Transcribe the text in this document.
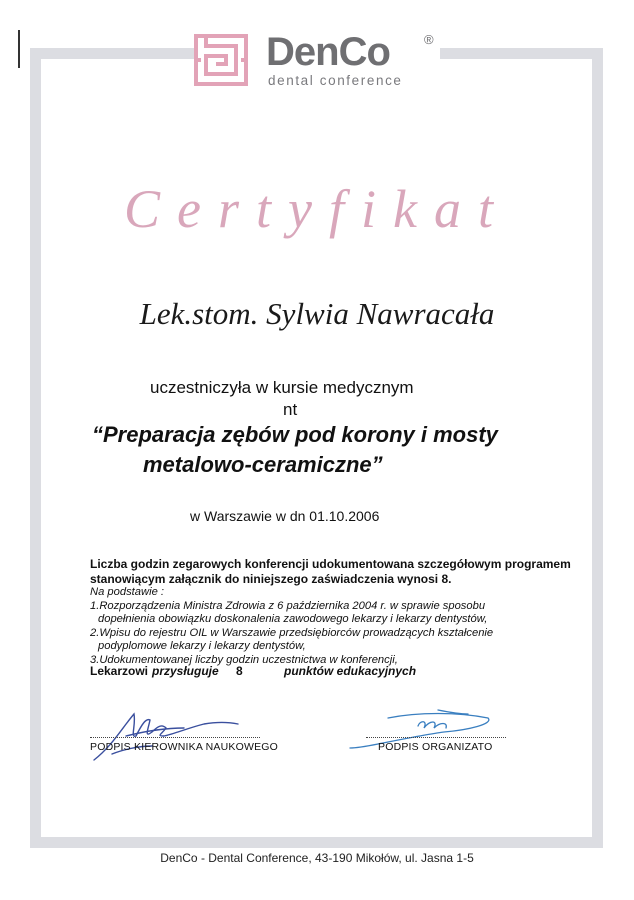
DenCo	®
dental conference
Certyfikat
Lek.stom. Sylwia Nawracała
uczestniczyła w kursie medycznym
nt
“Preparacja zębów pod korony i mosty
metalowo-ceramiczne”
w Warszawie w dn 01.10.2006
Liczba godzin zegarowych konferencji udokumentowana szczegółowym programem
stanowiącym załącznik do niniejszego zaświadczenia wynosi 8.
Na podstawie :
1.Rozporządzenia Ministra Zdrowia z 6 października 2004 r. w sprawie sposobu
dopełnienia obowiązku doskonalenia zawodowego lekarzy i lekarzy dentystów,
2.Wpisu do rejestru OIL w Warszawie przedsiębiorców prowadzących kształcenie
podyplomowe lekarzy i lekarzy dentystów,
3.Udokumentowanej liczby godzin uczestnictwa w konferencji,
Lekarzowi przysługuje 8	punktów edukacyjnych
PODPIS KIEROWNIKA NAUKOWEGO	PODPIS ORGANIZATO
DenCo - Dental Conference, 43-190 Mikołów, ul. Jasna 1-5
